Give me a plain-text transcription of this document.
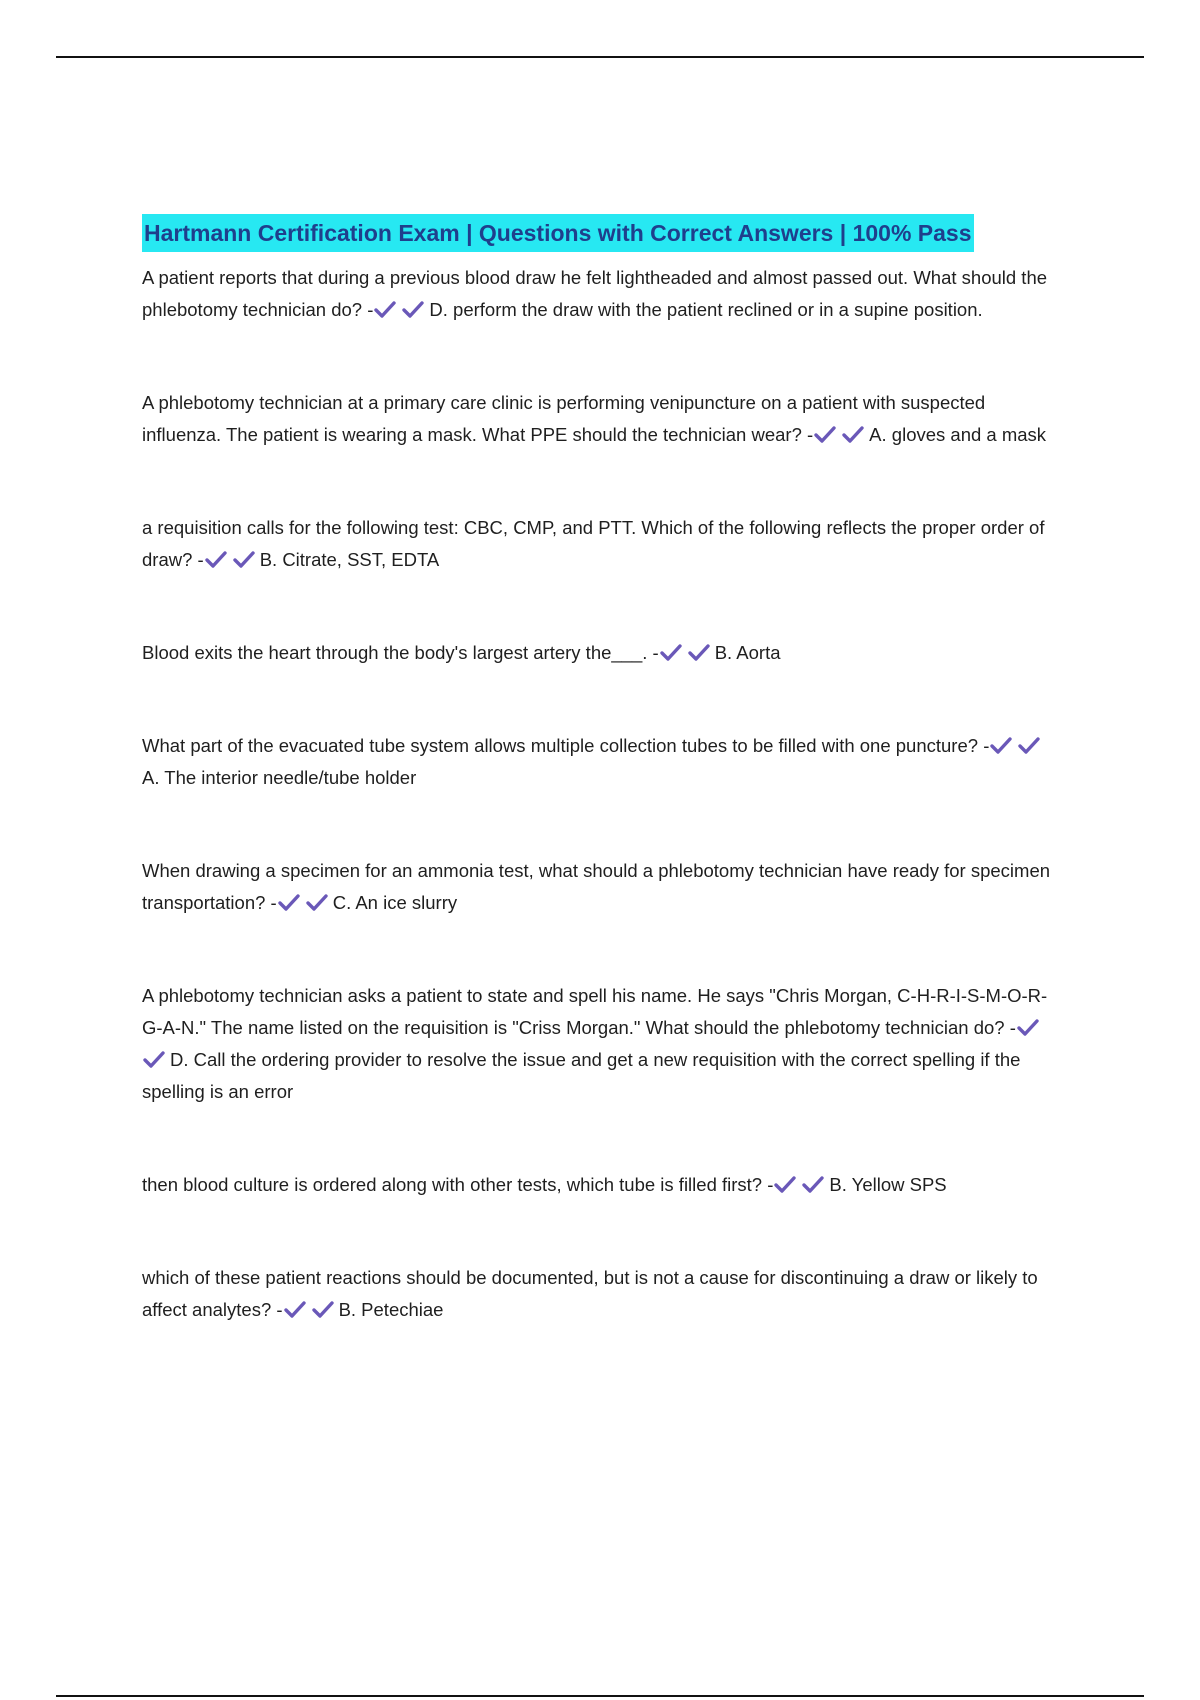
Hartmann Certification Exam | Questions with Correct Answers | 100% Pass

A patient reports that during a previous blood draw he felt lightheaded and almost passed out. What should the phlebotomy technician do? -	D. perform the draw with the patient reclined or in a supine position.

A phlebotomy technician at a primary care clinic is performing venipuncture on a patient with suspected influenza. The patient is wearing a mask. What PPE should the technician wear? -	A. gloves and a mask

a requisition calls for the following test: CBC, CMP, and PTT. Which of the following reflects the proper order of draw? -	B. Citrate, SST, EDTA

Blood exits the heart through the body's largest artery the___. -	B. Aorta

What part of the evacuated tube system allows multiple collection tubes to be filled with one puncture? -
A. The interior needle/tube holder

When drawing a specimen for an ammonia test, what should a phlebotomy technician have ready for specimen transportation? -	C. An ice slurry

A phlebotomy technician asks a patient to state and spell his name. He says "Chris Morgan, C-H-R-I-S-M-O-R-G-A-N." The name listed on the requisition is "Criss Morgan." What should the phlebotomy technician do? -
D. Call the ordering provider to resolve the issue and get a new requisition with the correct spelling if the spelling is an error

then blood culture is ordered along with other tests, which tube is filled first? -	B. Yellow SPS

which of these patient reactions should be documented, but is not a cause for discontinuing a draw or likely to affect analytes? -	B. Petechiae
